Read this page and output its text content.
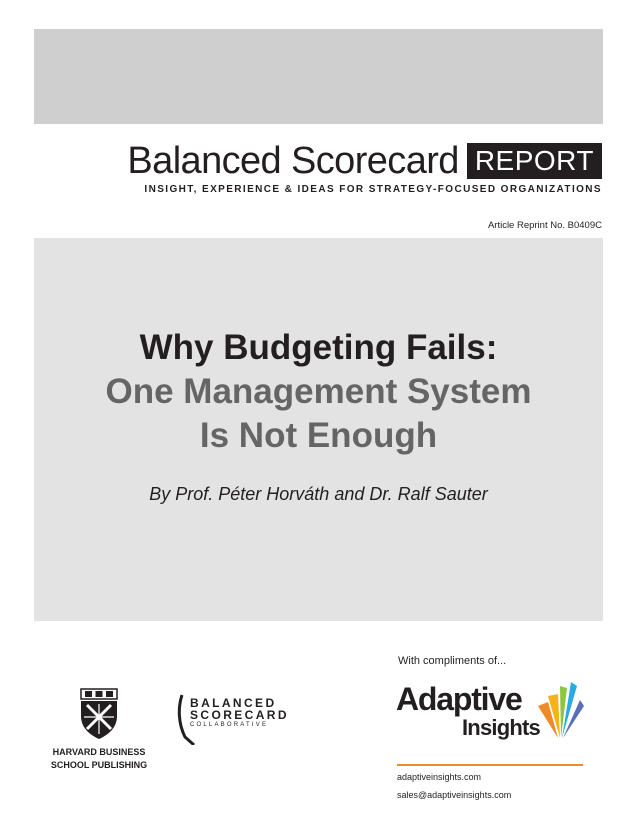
Balanced Scorecard REPORT
INSIGHT, EXPERIENCE & IDEAS FOR STRATEGY-FOCUSED ORGANIZATIONS
Article Reprint No. B0409C
Why Budgeting Fails:
One Management System
Is Not Enough
By Prof. Péter Horváth and Dr. Ralf Sauter
HARVARD BUSINESS
SCHOOL PUBLISHING
BALANCED
SCORECARD
COLLABORATIVE
With compliments of...
Adaptive
Insights
adaptiveinsights.com
sales@adaptiveinsights.com
